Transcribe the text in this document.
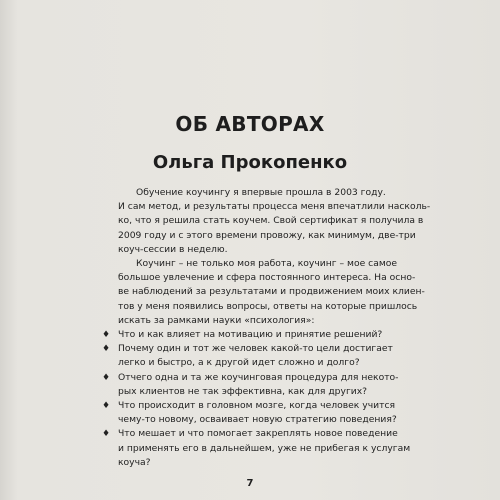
ОБ АВТОРАХ
Ольга Прокопенко

Обучение коучингу я впервые прошла в 2003 году.
И сам метод, и результаты процесса меня впечатлили насколь-
ко, что я решила стать коучем. Свой сертификат я получила в
2009 году и с этого времени провожу, как минимум, две-три
коуч-сессии в неделю.

Коучинг – не только моя работа, коучинг – мое самое
большое увлечение и сфера постоянного интереса. На осно-
ве наблюдений за результатами и продвижением моих клиен-
тов у меня появились вопросы, ответы на которые пришлось
искать за рамками науки «психология»:

♦ Что и как влияет на мотивацию и принятие решений?
♦ Почему один и тот же человек какой-то цели достигает
легко и быстро, а к другой идет сложно и долго?
♦ Отчего одна и та же коучинговая процедура для некото-
рых клиентов не так эффективна, как для других?
♦ Что происходит в головном мозге, когда человек учится
чему-то новому, осваивает новую стратегию поведения?
♦ Что мешает и что помогает закреплять новое поведение
и применять его в дальнейшем, уже не прибегая к услугам
коуча?
7
